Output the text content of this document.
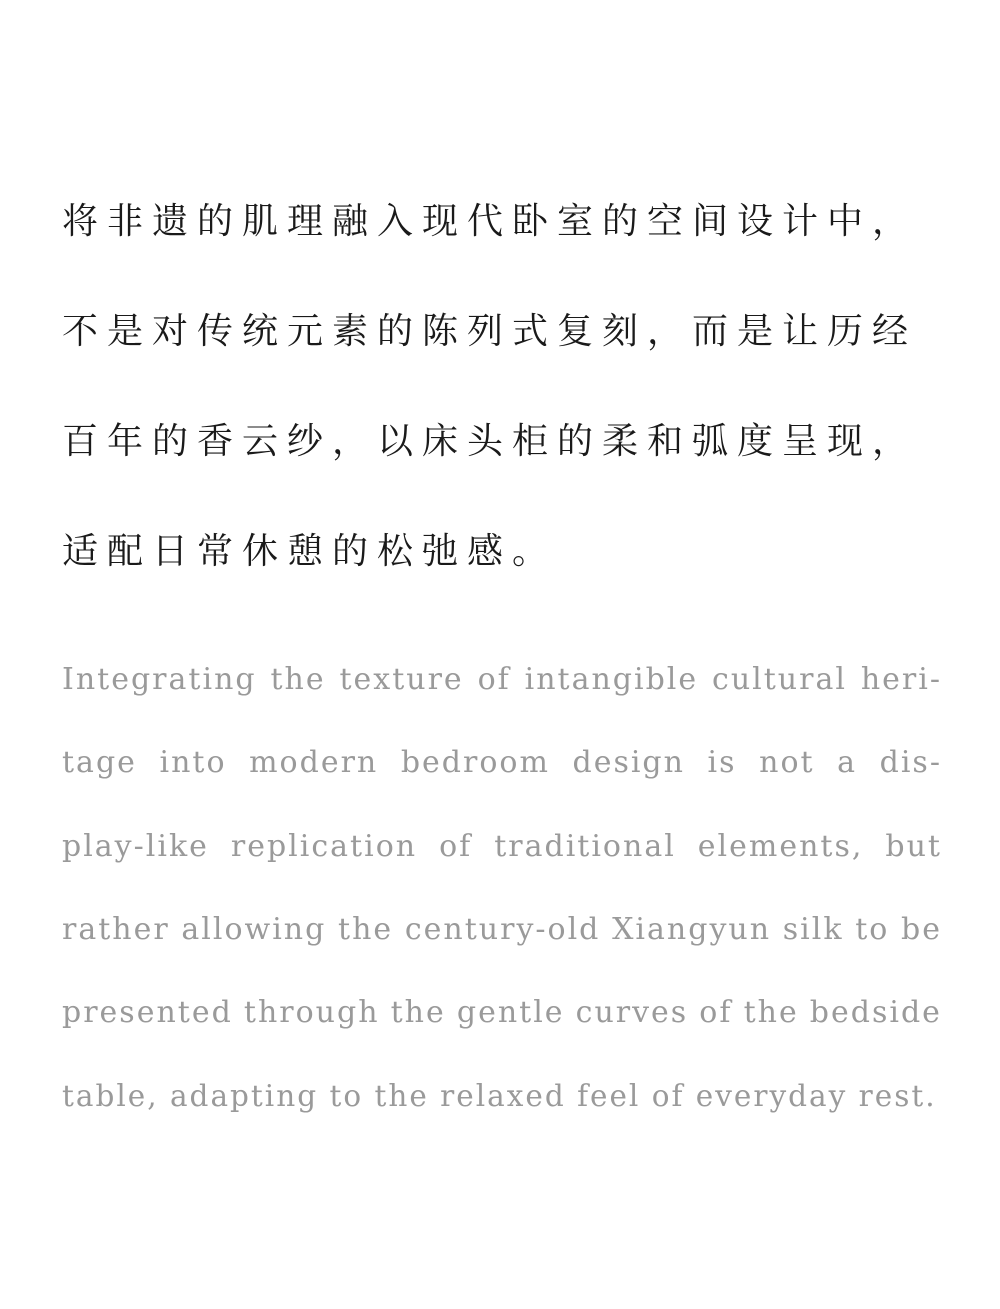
将非遗的肌理融入现代卧室的空间设计中，
不是对传统元素的陈列式复刻，而是让历经
百年的香云纱，以床头柜的柔和弧度呈现，
适配日常休憩的松弛感。
Integrating the texture of intangible cultural heri-
tage into modern bedroom design is not a dis-
play-like replication of traditional elements, but
rather allowing the century-old Xiangyun silk to be
presented through the gentle curves of the bedside
table, adapting to the relaxed feel of everyday rest.
